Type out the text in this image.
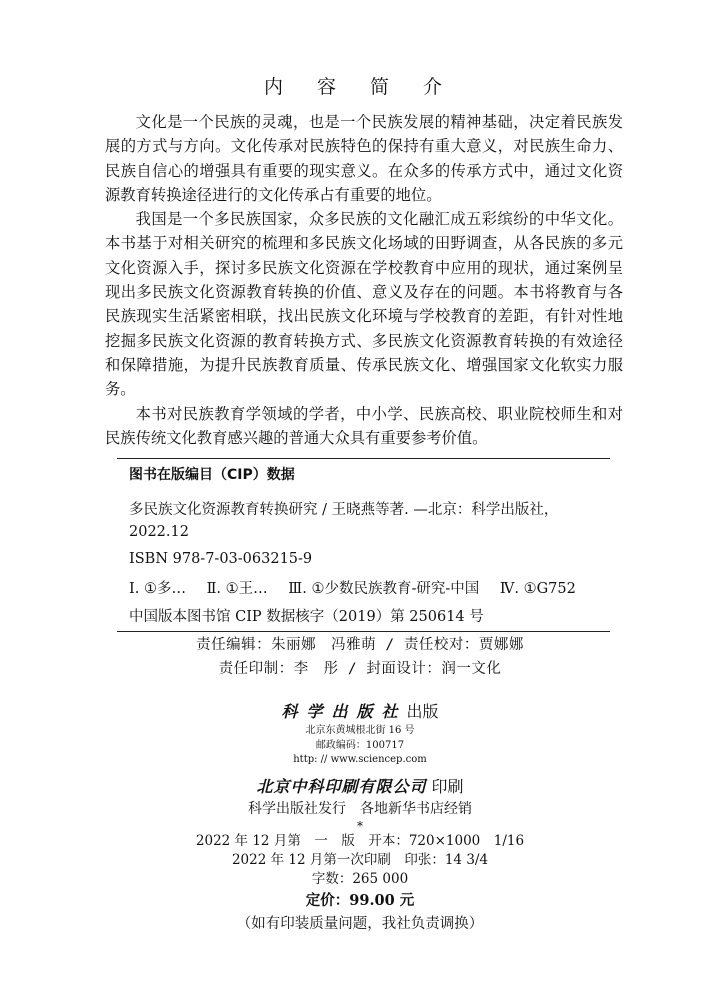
内 容 简 介

文化是一个民族的灵魂，也是一个民族发展的精神基础，决定着民族发展的方式与方向。文化传承对民族特色的保持有重大意义，对民族生命力、民族自信心的增强具有重要的现实意义。在众多的传承方式中，通过文化资源教育转换途径进行的文化传承占有重要的地位。

我国是一个多民族国家，众多民族的文化融汇成五彩缤纷的中华文化。本书基于对相关研究的梳理和多民族文化场域的田野调查，从各民族的多元文化资源入手，探讨多民族文化资源在学校教育中应用的现状，通过案例呈现出多民族文化资源教育转换的价值、意义及存在的问题。本书将教育与各民族现实生活紧密相联，找出民族文化环境与学校教育的差距，有针对性地挖掘多民族文化资源的教育转换方式、多民族文化资源教育转换的有效途径和保障措施，为提升民族教育质量、传承民族文化、增强国家文化软实力服务。

本书对民族教育学领域的学者，中小学、民族高校、职业院校师生和对民族传统文化教育感兴趣的普通大众具有重要参考价值。

图书在版编目（CIP）数据
多民族文化资源教育转换研究 / 王晓燕等著. —北京：科学出版社，
2022.12
ISBN 978-7-03-063215-9
Ⅰ. ①多… Ⅱ. ①王… Ⅲ. ①少数民族教育-研究-中国 Ⅳ. ①G752
中国版本图书馆 CIP 数据核字（2019）第 250614 号
责任编辑：朱丽娜　冯雅萌 / 责任校对：贾娜娜
责任印制：李　彤 / 封面设计：润一文化
科学出版社出版
北京东黄城根北街 16 号
邮政编码：100717
http: // www.sciencep.com
北京中科印刷有限公司 印刷
科学出版社发行　各地新华书店经销
*
2022 年 12 月第　一　版　开本：720×1000　1/16
2022 年 12 月第一次印刷　印张：14 3/4
字数：265 000
定价：99.00 元
（如有印装质量问题，我社负责调换）
